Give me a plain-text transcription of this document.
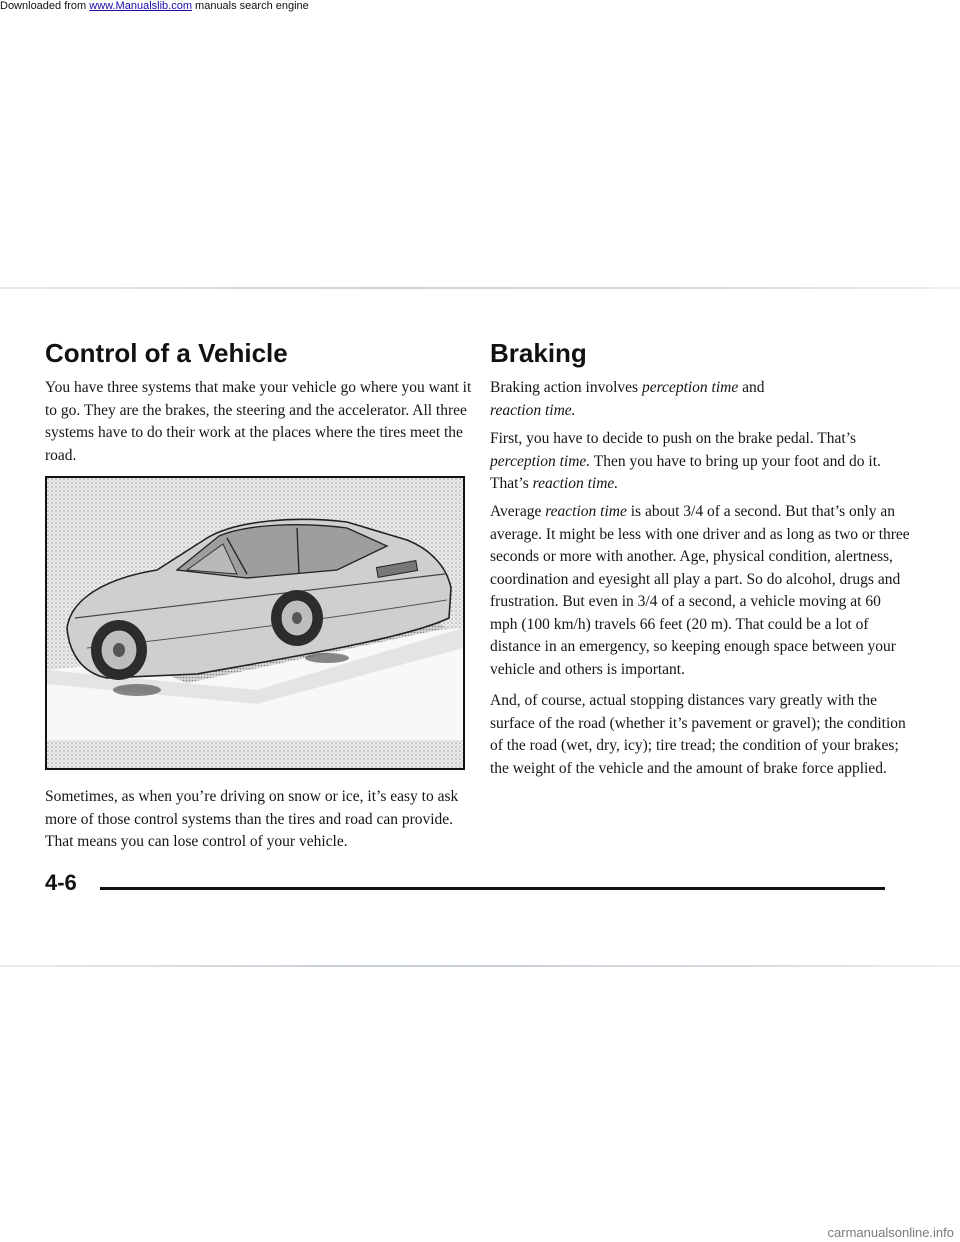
Downloaded from www.Manualslib.com manuals search engine
Control of a Vehicle	Braking

You have three systems that make your vehicle go where you want it to go. They are the brakes, the steering and the accelerator. All three systems have to do their work at the places where the tires meet the road.

Sometimes, as when you’re driving on snow or ice, it’s easy to ask more of those control systems than the tires and road can provide. That means you can lose control of your vehicle.

Braking action involves perception time and
reaction time.

First, you have to decide to push on the brake pedal. That’s perception time. Then you have to bring up your foot and do it. That’s reaction time.

Average reaction time is about 3/4 of a second. But that’s only an average. It might be less with one driver and as long as two or three seconds or more with another. Age, physical condition, alertness, coordination and eyesight all play a part. So do alcohol, drugs and frustration. But even in 3/4 of a second, a vehicle moving at 60 mph (100 km/h) travels 66 feet (20 m). That could be a lot of distance in an emergency, so keeping enough space between your vehicle and others is important.

And, of course, actual stopping distances vary greatly with the surface of the road (whether it’s pavement or gravel); the condition of the road (wet, dry, icy); tire tread; the condition of your brakes; the weight of the vehicle and the amount of brake force applied.

4-6

carmanualsonline.info
